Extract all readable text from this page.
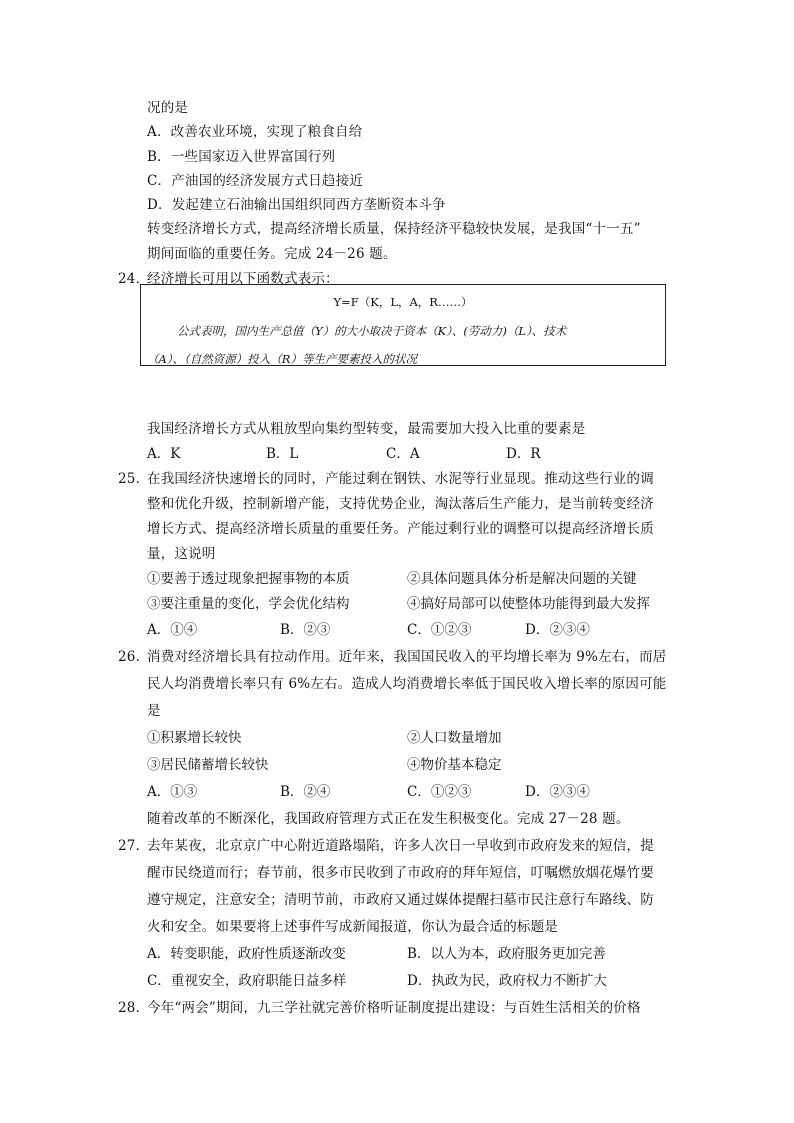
况的是
A．改善农业环境，实现了粮食自给
B．一些国家迈入世界富国行列
C．产油国的经济发展方式日趋接近
D．发起建立石油输出国组织同西方垄断资本斗争
转变经济增长方式，提高经济增长质量，保持经济平稳较快发展，是我国“十一五”
期间面临的重要任务。完成 24－26 题。
24．
经济增长可用以下函数式表示：
Y=F（K，L，A，R……）
公式表明，国内生产总值（Y）的大小取决于资本（K）、(劳动力)（L）、技术
（A）、（自然资源）投入（R）等生产要素投入的状况
我国经济增长方式从粗放型向集约型转变，最需要加大投入比重的要素是
A．K	B．L	C．A	D．R
25．
在我国经济快速增长的同时，产能过剩在钢铁、水泥等行业显现。推动这些行业的调
整和优化升级，控制新增产能，支持优势企业，淘汰落后生产能力，是当前转变经济
增长方式、提高经济增长质量的重要任务。产能过剩行业的调整可以提高经济增长质
量，这说明
①要善于透过现象把握事物的本质	②具体问题具体分析是解决问题的关键
③要注重量的变化，学会优化结构	④搞好局部可以使整体功能得到最大发挥
A．①④	B．②③	C．①②③	D．②③④
26．
消费对经济增长具有拉动作用。近年来，我国国民收入的平均增长率为 9%左右，而居
民人均消费增长率只有 6%左右。造成人均消费增长率低于国民收入增长率的原因可能
是
①积累增长较快	②人口数量增加
③居民储蓄增长较快	④物价基本稳定
A．①③	B．②④	C．①②③	D．②③④
随着改革的不断深化，我国政府管理方式正在发生积极变化。完成 27－28 题。
27．
去年某夜，北京京广中心附近道路塌陷，许多人次日一早收到市政府发来的短信，提
醒市民绕道而行；春节前，很多市民收到了市政府的拜年短信，叮嘱燃放烟花爆竹要
遵守规定，注意安全；清明节前，市政府又通过媒体提醒扫墓市民注意行车路线、防
火和安全。如果要将上述事件写成新闻报道，你认为最合适的标题是
A．转变职能，政府性质逐渐改变	B．以人为本，政府服务更加完善
C．重视安全，政府职能日益多样	D．执政为民，政府权力不断扩大
28．
今年“两会”期间，九三学社就完善价格听证制度提出建设：与百姓生活相关的价格
